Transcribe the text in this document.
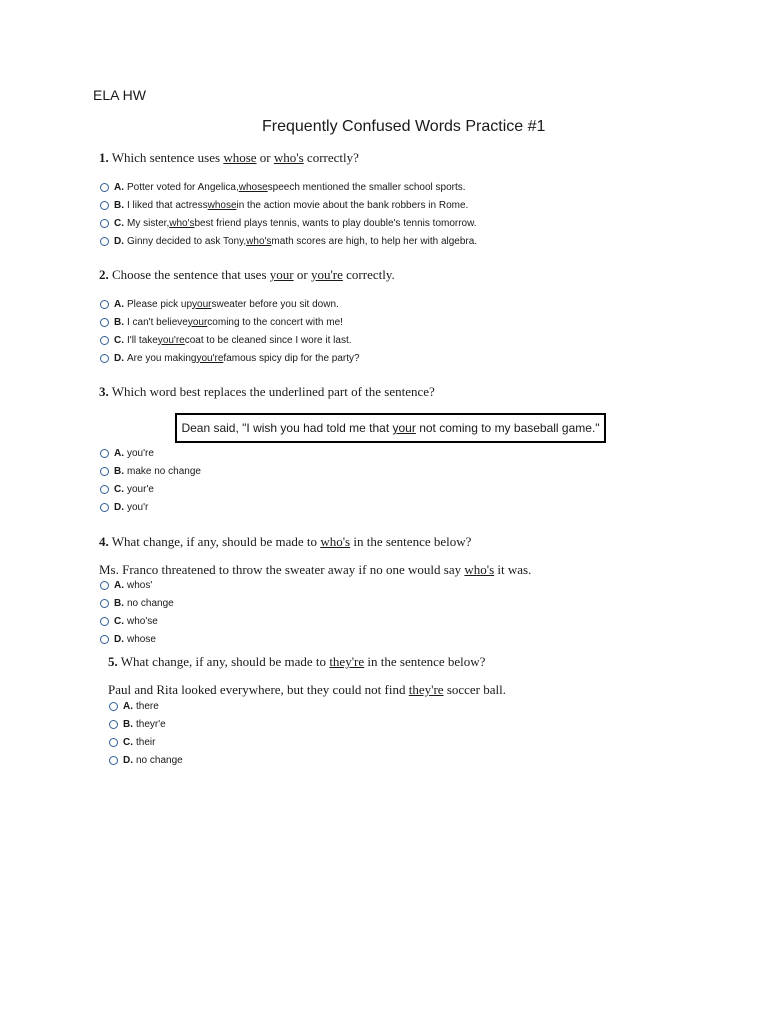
ELA HW
Frequently Confused Words Practice #1
1. Which sentence uses whose or who's correctly?
A. Potter voted for Angelica, whose speech mentioned the smaller school sports.
B. I liked that actress whose in the action movie about the bank robbers in Rome.
C. My sister, who's best friend plays tennis, wants to play double's tennis tomorrow.
D. Ginny decided to ask Tony, who's math scores are high, to help her with algebra.
2. Choose the sentence that uses your or you're correctly.
A. Please pick up your sweater before you sit down.
B. I can't believe your coming to the concert with me!
C. I'll take you're coat to be cleaned since I wore it last.
D. Are you making you're famous spicy dip for the party?
3. Which word best replaces the underlined part of the sentence?
Dean said, "I wish you had told me that
your
not coming to my baseball game."
A. you're
B. make no change
C. your'e
D. you'r
4. What change, if any, should be made to who's in the sentence below?
Ms. Franco threatened to throw the sweater away if no one would say who's it was.
A. whos'
B. no change
C. who'se
D. whose
5. What change, if any, should be made to they're in the sentence below?
Paul and Rita looked everywhere, but they could not find they're soccer ball.
A. there
B. theyr'e
C. their
D. no change
